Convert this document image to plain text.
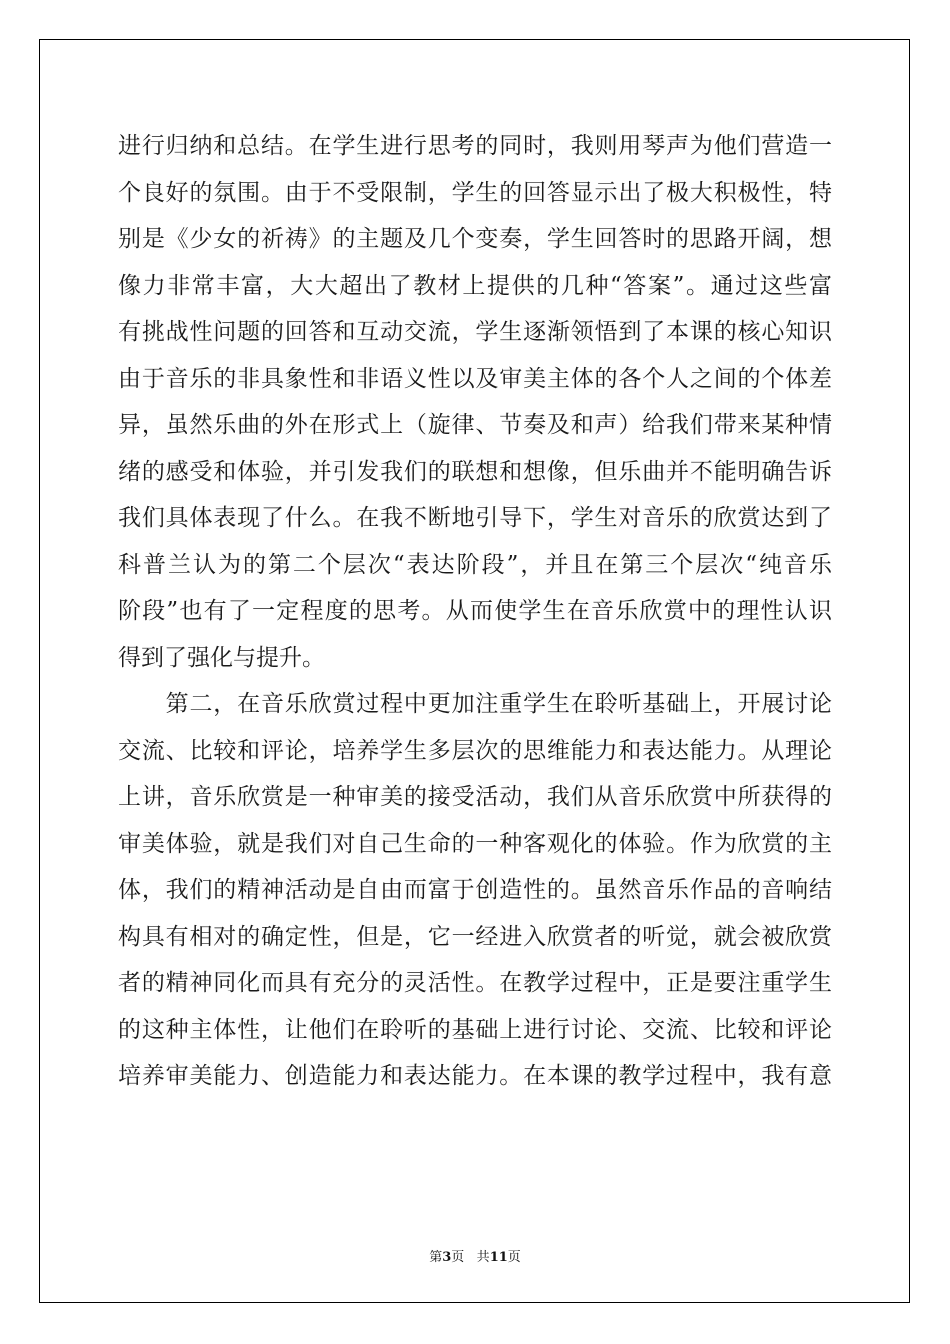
进行归纳和总结。在学生进行思考的同时，我则用琴声为他们营造一
个良好的氛围。由于不受限制，学生的回答显示出了极大积极性，特
别是《少女的祈祷》的主题及几个变奏，学生回答时的思路开阔，想
像力非常丰富，大大超出了教材上提供的几种“答案”。通过这些富
有挑战性问题的回答和互动交流，学生逐渐领悟到了本课的核心知识
由于音乐的非具象性和非语义性以及审美主体的各个人之间的个体差
异，虽然乐曲的外在形式上（旋律、节奏及和声）给我们带来某种情
绪的感受和体验，并引发我们的联想和想像，但乐曲并不能明确告诉
我们具体表现了什么。在我不断地引导下，学生对音乐的欣赏达到了
科普兰认为的第二个层次“表达阶段”，并且在第三个层次“纯音乐
阶段”也有了一定程度的思考。从而使学生在音乐欣赏中的理性认识
得到了强化与提升。
　　第二，在音乐欣赏过程中更加注重学生在聆听基础上，开展讨论
交流、比较和评论，培养学生多层次的思维能力和表达能力。从理论
上讲，音乐欣赏是一种审美的接受活动，我们从音乐欣赏中所获得的
审美体验，就是我们对自己生命的一种客观化的体验。作为欣赏的主
体，我们的精神活动是自由而富于创造性的。虽然音乐作品的音响结
构具有相对的确定性，但是，它一经进入欣赏者的听觉，就会被欣赏
者的精神同化而具有充分的灵活性。在教学过程中，正是要注重学生
的这种主体性，让他们在聆听的基础上进行讨论、交流、比较和评论
培养审美能力、创造能力和表达能力。在本课的教学过程中，我有意
第3页 共11页
